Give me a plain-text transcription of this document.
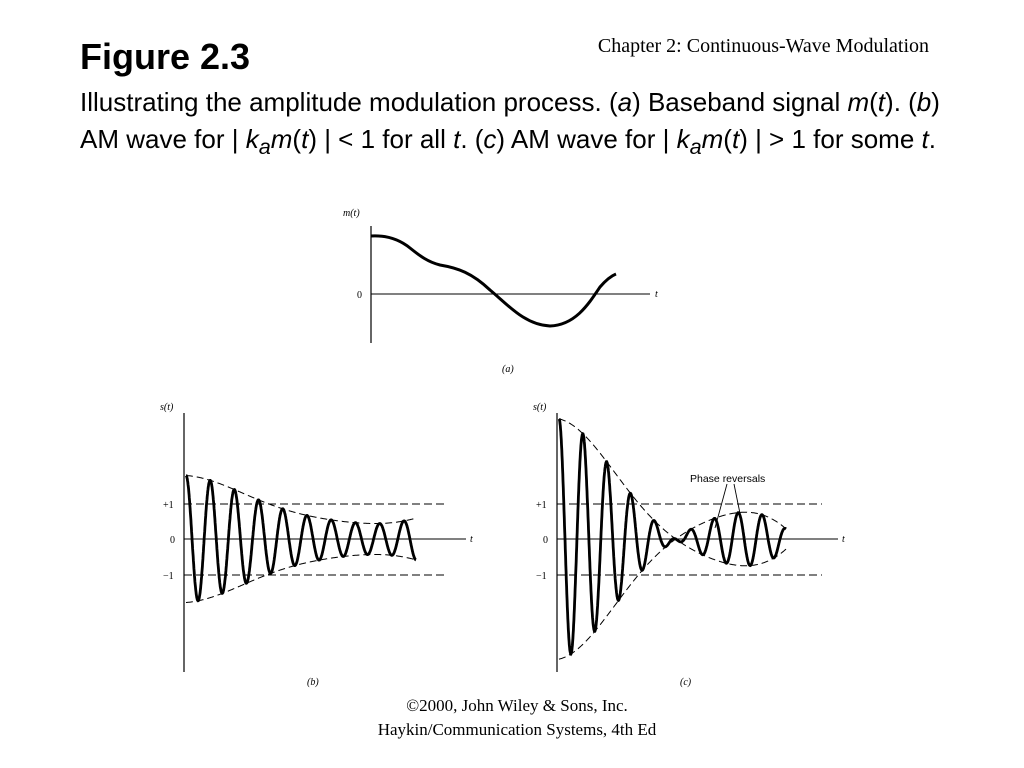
Figure 2.3	Chapter 2: Continuous-Wave Modulation

Illustrating the amplitude modulation process. (a) Baseband signal m(t). (b) AM wave for | $k_am(t)$ | < 1 for all t. (c) AM wave for | $k_am(t)$ | > 1 for some t.

m(t)
0	t
(a)
s(t)
+1
0
−1
t
(b)
Phase reversals
s(t)
+1
0
−1
t
(c)
©2000, John Wiley & Sons, Inc.
Haykin/Communication Systems, 4th Ed
